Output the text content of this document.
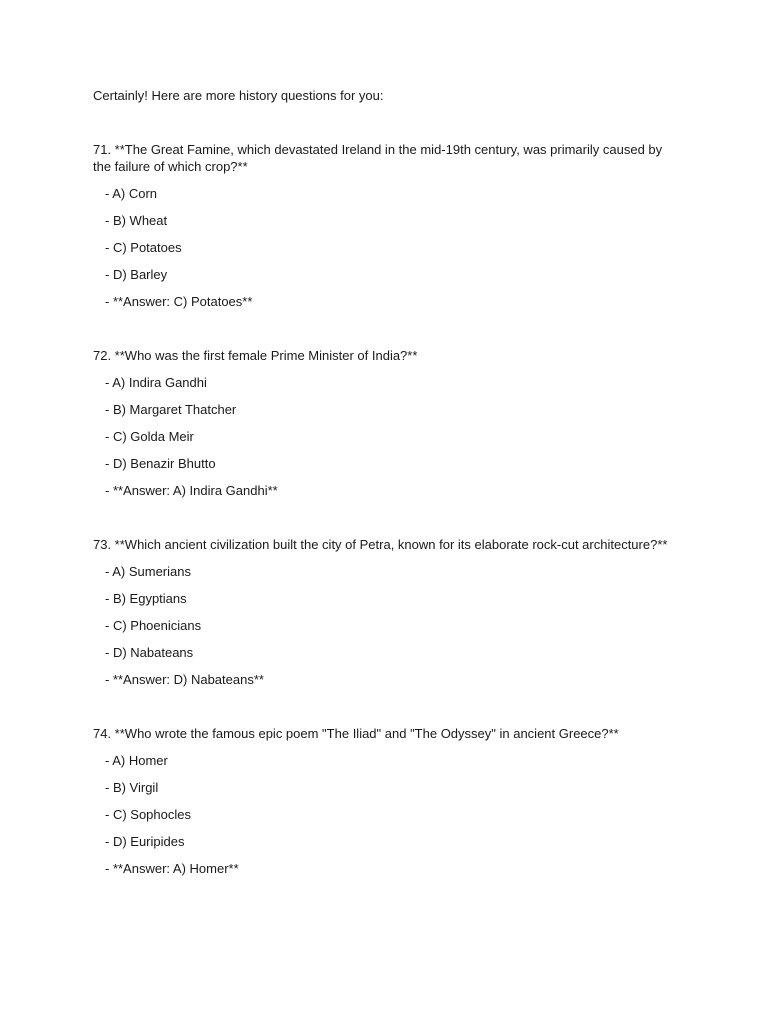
Certainly! Here are more history questions for you:

71. **The Great Famine, which devastated Ireland in the mid-19th century, was primarily caused by the failure of which crop?**

- A) Corn
- B) Wheat
- C) Potatoes
- D) Barley
- **Answer: C) Potatoes**

72. **Who was the first female Prime Minister of India?**

- A) Indira Gandhi
- B) Margaret Thatcher
- C) Golda Meir
- D) Benazir Bhutto
- **Answer: A) Indira Gandhi**

73. **Which ancient civilization built the city of Petra, known for its elaborate rock-cut architecture?**

- A) Sumerians
- B) Egyptians
- C) Phoenicians
- D) Nabateans
- **Answer: D) Nabateans**

74. **Who wrote the famous epic poem "The Iliad" and "The Odyssey" in ancient Greece?**

- A) Homer
- B) Virgil
- C) Sophocles
- D) Euripides
- **Answer: A) Homer**
